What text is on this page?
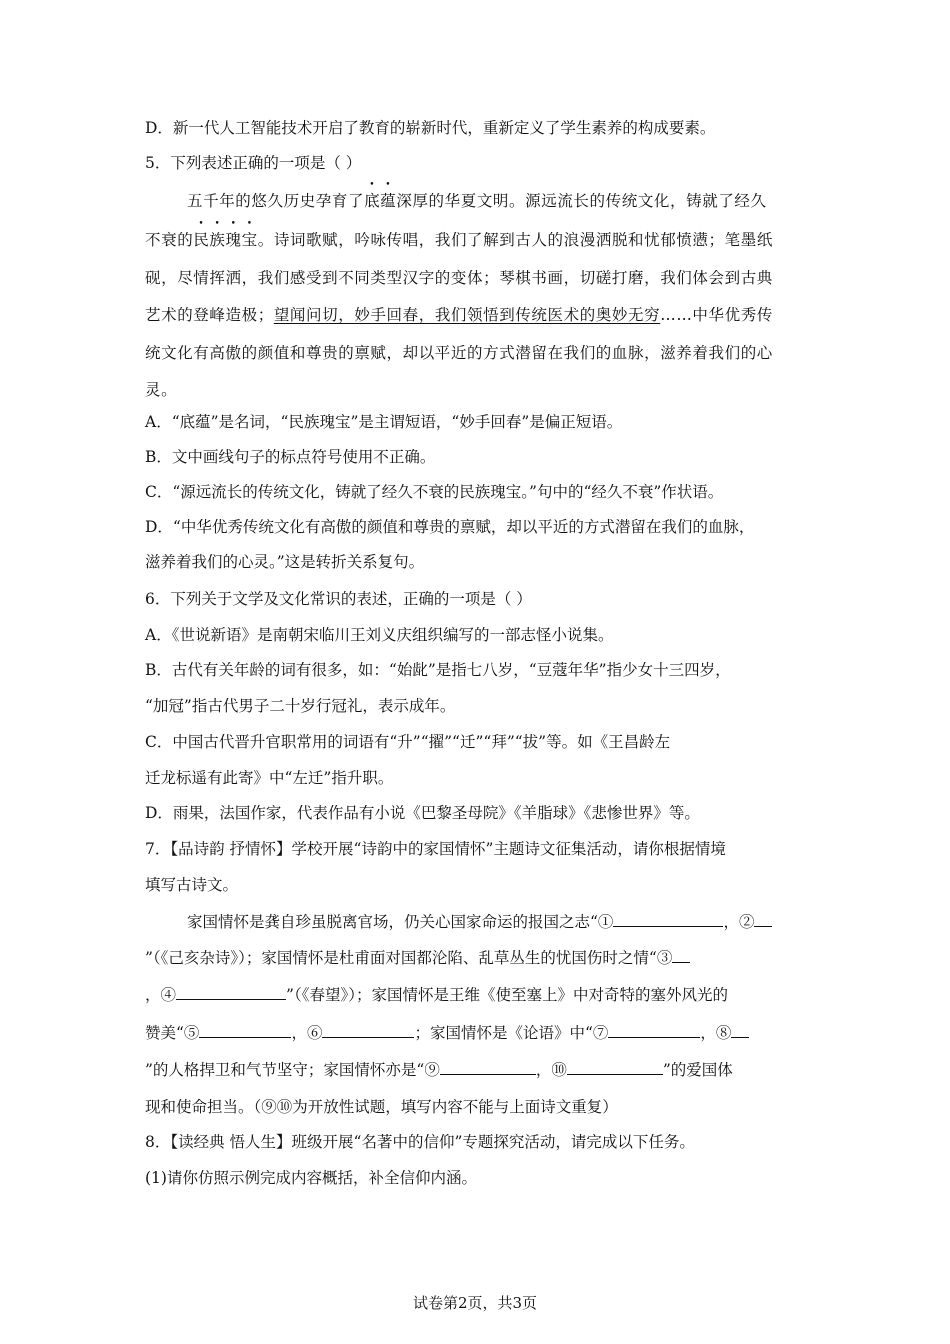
D．新一代人工智能技术开启了教育的崭新时代，重新定义了学生素养的构成要素。
5．下列表述正确的一项是（ ）
五千年的悠久历史孕育了底蕴深厚的华夏文明。源远流长的传统文化，铸就了经久
不衰的民族瑰宝。诗词歌赋，吟咏传唱，我们了解到古人的浪漫洒脱和忧郁愤懑；笔墨纸
砚，尽情挥洒，我们感受到不同类型汉字的变体；琴棋书画，切磋打磨，我们体会到古典
艺术的登峰造极；望闻问切，妙手回春，我们领悟到传统医术的奥妙无穷……中华优秀传
统文化有高傲的颜值和尊贵的禀赋，却以平近的方式潜留在我们的血脉，滋养着我们的心
灵。
A．“底蕴”是名词，“民族瑰宝”是主谓短语，“妙手回春”是偏正短语。
B．文中画线句子的标点符号使用不正确。
C．“源远流长的传统文化，铸就了经久不衰的民族瑰宝。”句中的“经久不衰”作状语。
D．“中华优秀传统文化有高傲的颜值和尊贵的禀赋，却以平近的方式潜留在我们的血脉，
滋养着我们的心灵。”这是转折关系复句。
6．下列关于文学及文化常识的表述，正确的一项是（ ）
A．《世说新语》是南朝宋临川王刘义庆组织编写的一部志怪小说集。
B．古代有关年龄的词有很多，如：“始龀”是指七八岁，“豆蔻年华”指少女十三四岁，
“加冠”指古代男子二十岁行冠礼，表示成年。
C．中国古代晋升官职常用的词语有“升”“擢”“迁”“拜”“拔”等。如《王昌龄左
迁龙标遥有此寄》中“左迁”指升职。
D．雨果，法国作家，代表作品有小说《巴黎圣母院》《羊脂球》《悲惨世界》等。
7．【品诗韵 抒情怀】学校开展“诗韵中的家国情怀”主题诗文征集活动，请你根据情境
填写古诗文。
家国情怀是龚自珍虽脱离官场，仍关心国家命运的报国之志“①	，②
”（《己亥杂诗》）；家国情怀是杜甫面对国都沦陷、乱草丛生的忧国伤时之情“③
，④	”（《春望》）；家国情怀是王维《使至塞上》中对奇特的塞外风光的
赞美“⑤	，⑥	；家国情怀是《论语》中“⑦	，⑧
”的人格捍卫和气节坚守；家国情怀亦是“⑨	，⑩	”的爱国体
现和使命担当。（⑨⑩为开放性试题，填写内容不能与上面诗文重复）
8．【读经典 悟人生】班级开展“名著中的信仰”专题探究活动，请完成以下任务。
(1)请你仿照示例完成内容概括，补全信仰内涵。
试卷第2页，共3页
